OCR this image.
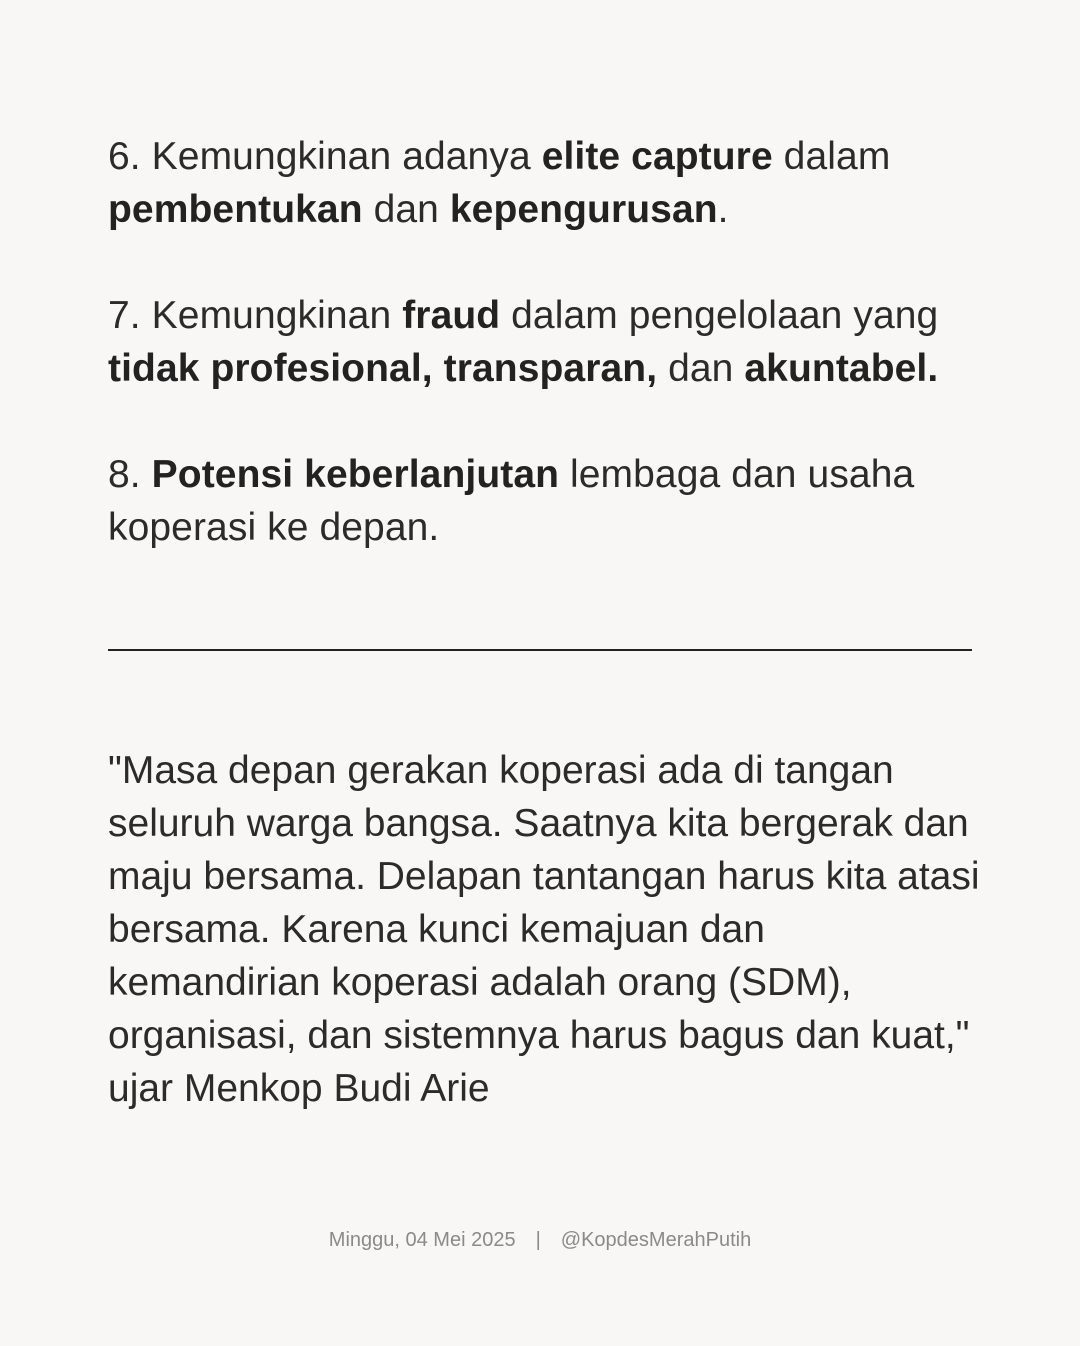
6. Kemungkinan adanya elite capture dalam
pembentukan dan kepengurusan.

7. Kemungkinan fraud dalam pengelolaan yang
tidak profesional, transparan, dan akuntabel.

8. Potensi keberlanjutan lembaga dan usaha koperasi ke depan.

"Masa depan gerakan koperasi ada di tangan seluruh warga bangsa. Saatnya kita bergerak dan maju bersama. Delapan tantangan harus kita atasi bersama. Karena kunci kemajuan dan kemandirian koperasi adalah orang (SDM), organisasi, dan sistemnya harus bagus dan kuat," ujar Menkop Budi Arie

Minggu, 04 Mei 2025 | @KopdesMerahPutih
